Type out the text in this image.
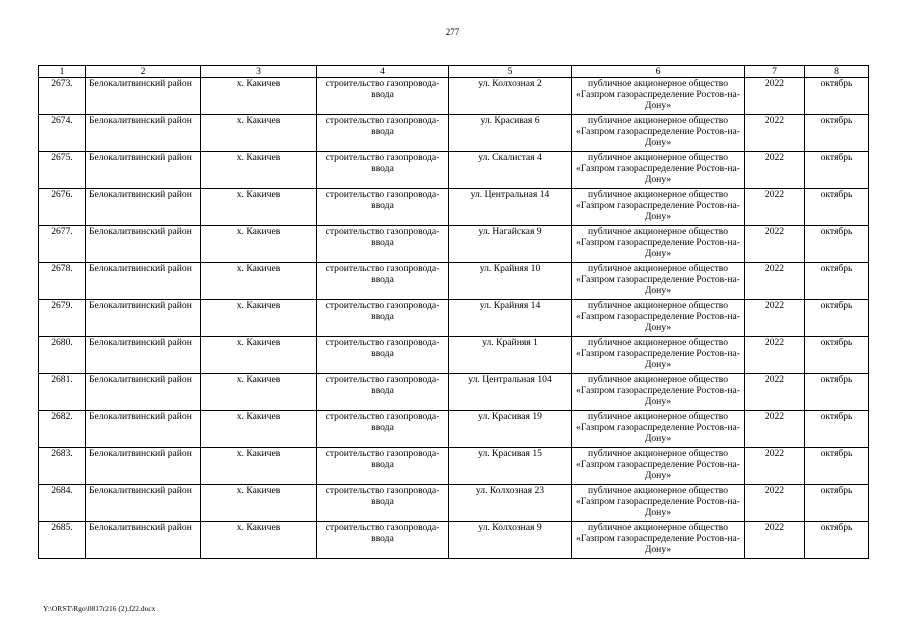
277
1	2	3	4	5	6	7	8
2673.	Белокалитвинский район	х. Какичев	строительство газопровода-ввода	ул. Колхозная 2	публичное акционерное общество «Газпром газораспределение Ростов-на-Дону»	2022	октябрь
2674.	Белокалитвинский район	х. Какичев	строительство газопровода-ввода	ул. Красивая 6	публичное акционерное общество «Газпром газораспределение Ростов-на-Дону»	2022	октябрь
2675.	Белокалитвинский район	х. Какичев	строительство газопровода-ввода	ул. Скалистая 4	публичное акционерное общество «Газпром газораспределение Ростов-на-Дону»	2022	октябрь
2676.	Белокалитвинский район	х. Какичев	строительство газопровода-ввода	ул. Центральная 14	публичное акционерное общество «Газпром газораспределение Ростов-на-Дону»	2022	октябрь
2677.	Белокалитвинский район	х. Какичев	строительство газопровода-ввода	ул. Нагайская 9	публичное акционерное общество «Газпром газораспределение Ростов-на-Дону»	2022	октябрь
2678.	Белокалитвинский район	х. Какичев	строительство газопровода-ввода	ул. Крайняя 10	публичное акционерное общество «Газпром газораспределение Ростов-на-Дону»	2022	октябрь
2679.	Белокалитвинский район	х. Какичев	строительство газопровода-ввода	ул. Крайняя 14	публичное акционерное общество «Газпром газораспределение Ростов-на-Дону»	2022	октябрь
2680.	Белокалитвинский район	х. Какичев	строительство газопровода-ввода	ул. Крайняя 1	публичное акционерное общество «Газпром газораспределение Ростов-на-Дону»	2022	октябрь
2681.	Белокалитвинский район	х. Какичев	строительство газопровода-ввода	ул. Центральная 104	публичное акционерное общество «Газпром газораспределение Ростов-на-Дону»	2022	октябрь
2682.	Белокалитвинский район	х. Какичев	строительство газопровода-ввода	ул. Красивая 19	публичное акционерное общество «Газпром газораспределение Ростов-на-Дону»	2022	октябрь
2683.	Белокалитвинский район	х. Какичев	строительство газопровода-ввода	ул. Красивая 15	публичное акционерное общество «Газпром газораспределение Ростов-на-Дону»	2022	октябрь
2684.	Белокалитвинский район	х. Какичев	строительство газопровода-ввода	ул. Колхозная 23	публичное акционерное общество «Газпром газораспределение Ростов-на-Дону»	2022	октябрь
2685.	Белокалитвинский район	х. Какичев	строительство газопровода-ввода	ул. Колхозная 9	публичное акционерное общество «Газпром газораспределение Ростов-на-Дону»	2022	октябрь
Y:\ORST\Rgo\0817r216 (2).f22.docx
